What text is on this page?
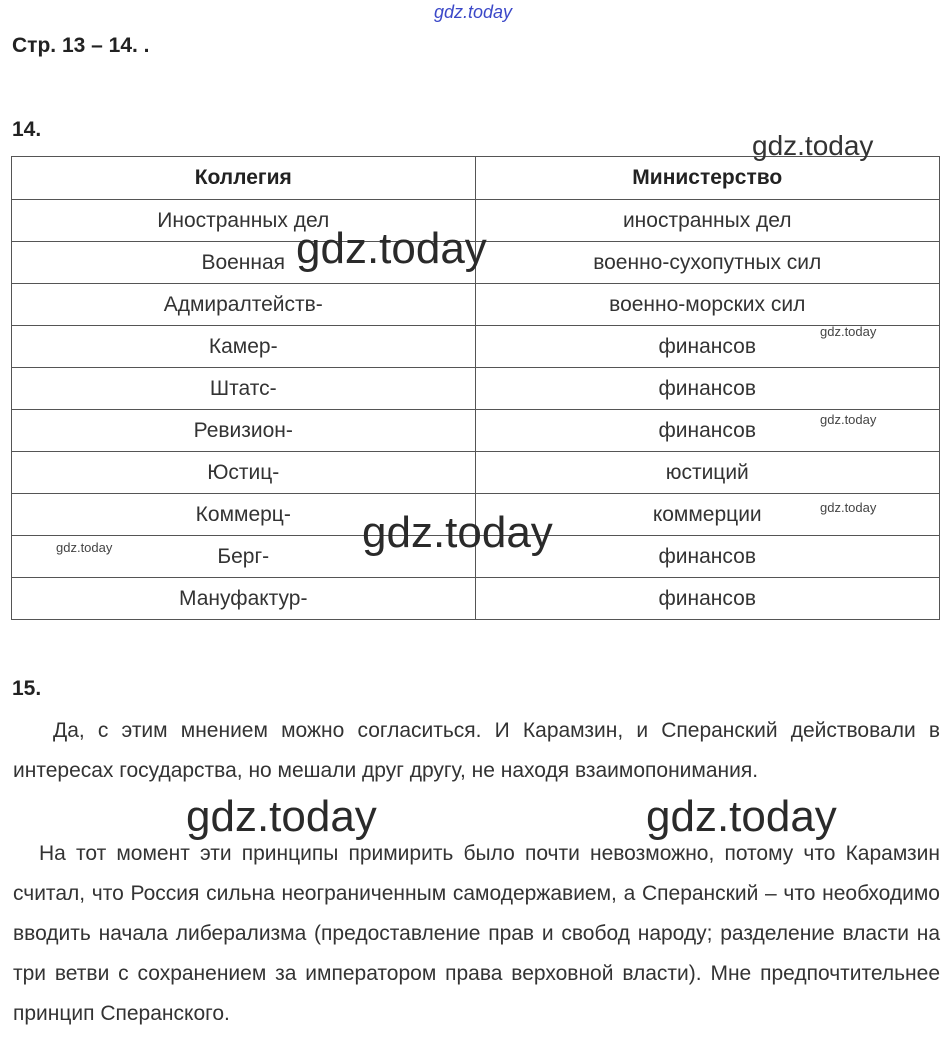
gdz.today
Стр. 13 – 14. .
14.
Коллегия	Министерство
Иностранных дел	иностранных дел
Военная	военно-сухопутных сил
Адмиралтейств-	военно-морских сил
Камер-	финансов
Штатс-	финансов
Ревизион-	финансов
Юстиц-	юстиций
Коммерц-	коммерции
Берг-	финансов
Мануфактур-	финансов
gdz.today
gdz.today
gdz.today
gdz.today
gdz.today
gdz.today	gdz.today
15.

Да, с этим мнением можно согласиться. И Карамзин, и Сперанский действовали в интересах государства, но мешали друг другу, не находя взаимопонимания.

gdz.today	gdz.today

На тот момент эти принципы примирить было почти невозможно, потому что Карамзин считал, что Россия сильна неограниченным самодержавием, а Сперанский – что необходимо вводить начала либерализма (предоставление прав и свобод народу; разделение власти на три ветви с сохранением за императором права верховной власти). Мне предпочтительнее принцип Сперанского.
